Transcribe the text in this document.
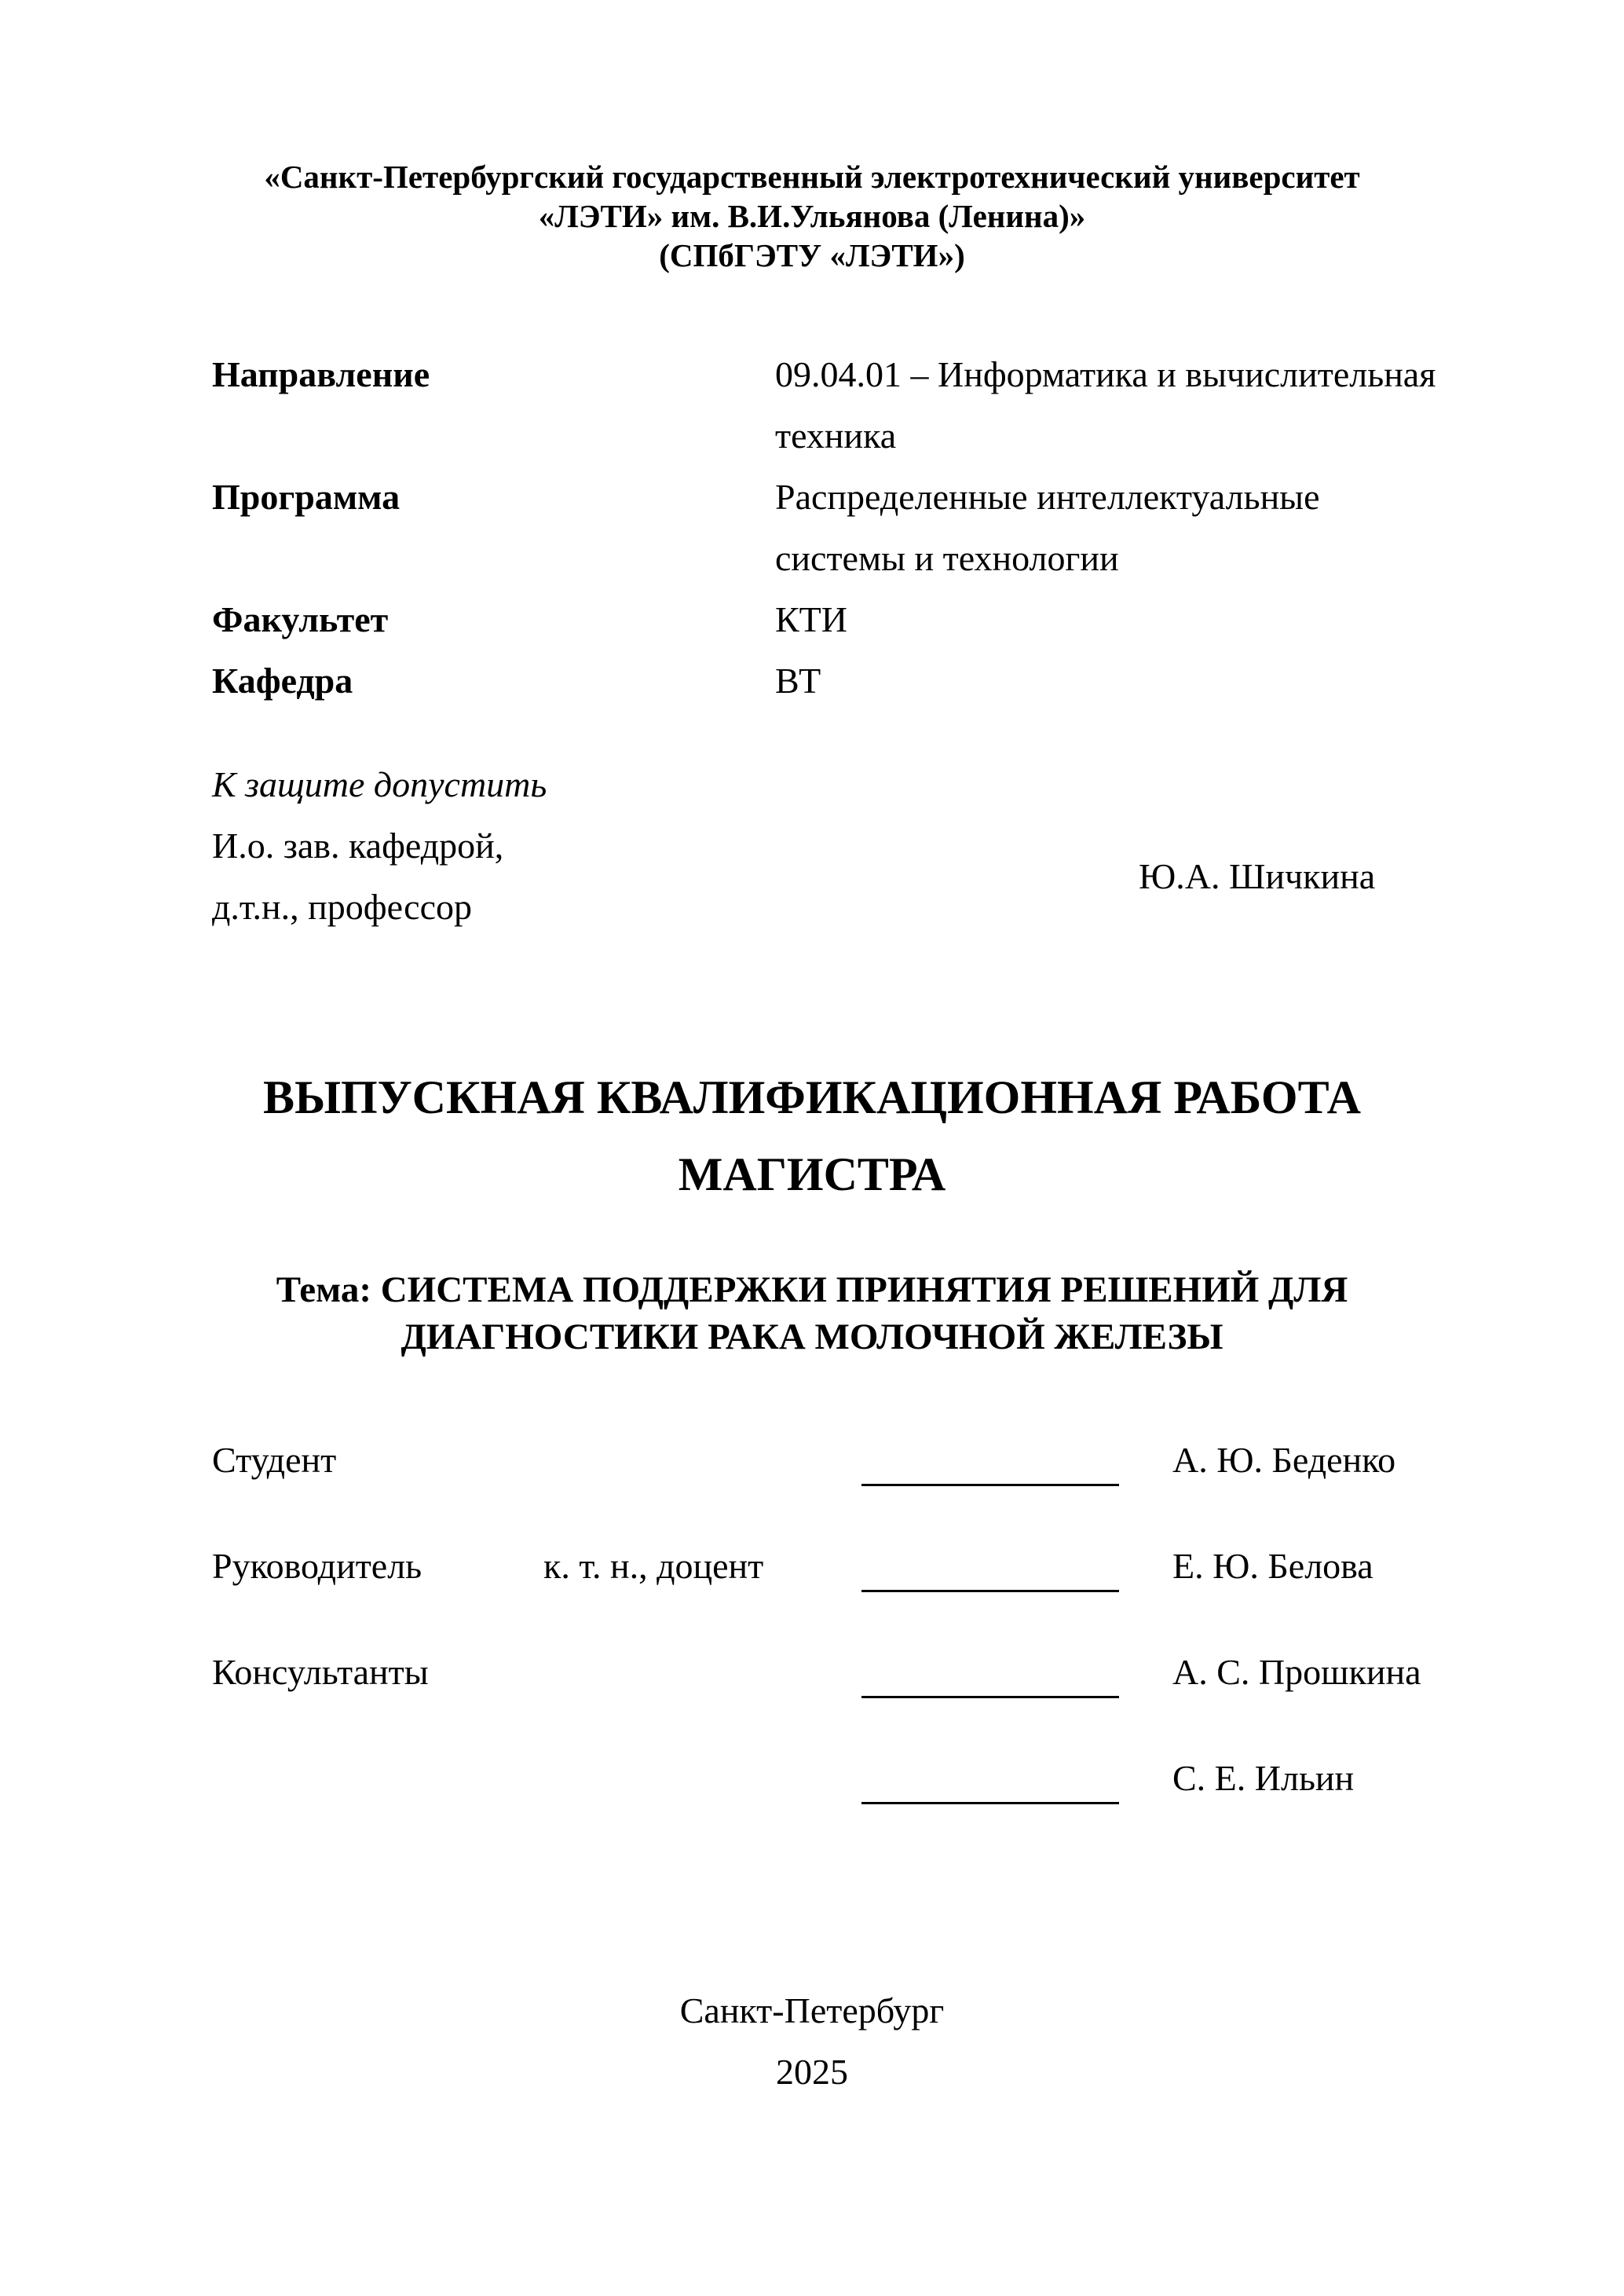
«Санкт-Петербургский государственный электротехнический университет
«ЛЭТИ» им. В.И.Ульянова (Ленина)»
(СПбГЭТУ «ЛЭТИ»)
Направление	09.04.01 – Информатика и вычислительная
техника
Программа	Распределенные интеллектуальные
системы и технологии
Факультет	КТИ
Кафедра	ВТ
К защите допустить
И.о. зав. кафедрой,
д.т.н., профессор
Ю.А. Шичкина
ВЫПУСКНАЯ КВАЛИФИКАЦИОННАЯ РАБОТА
МАГИСТРА
Тема: СИСТЕМА ПОДДЕРЖКИ ПРИНЯТИЯ РЕШЕНИЙ ДЛЯ
ДИАГНОСТИКИ РАКА МОЛОЧНОЙ ЖЕЛЕЗЫ
Студент	А. Ю. Беденко
Руководитель	к. т. н., доцент	Е. Ю. Белова
Консультанты	А. С. Прошкина
С. Е. Ильин
Санкт-Петербург
2025
